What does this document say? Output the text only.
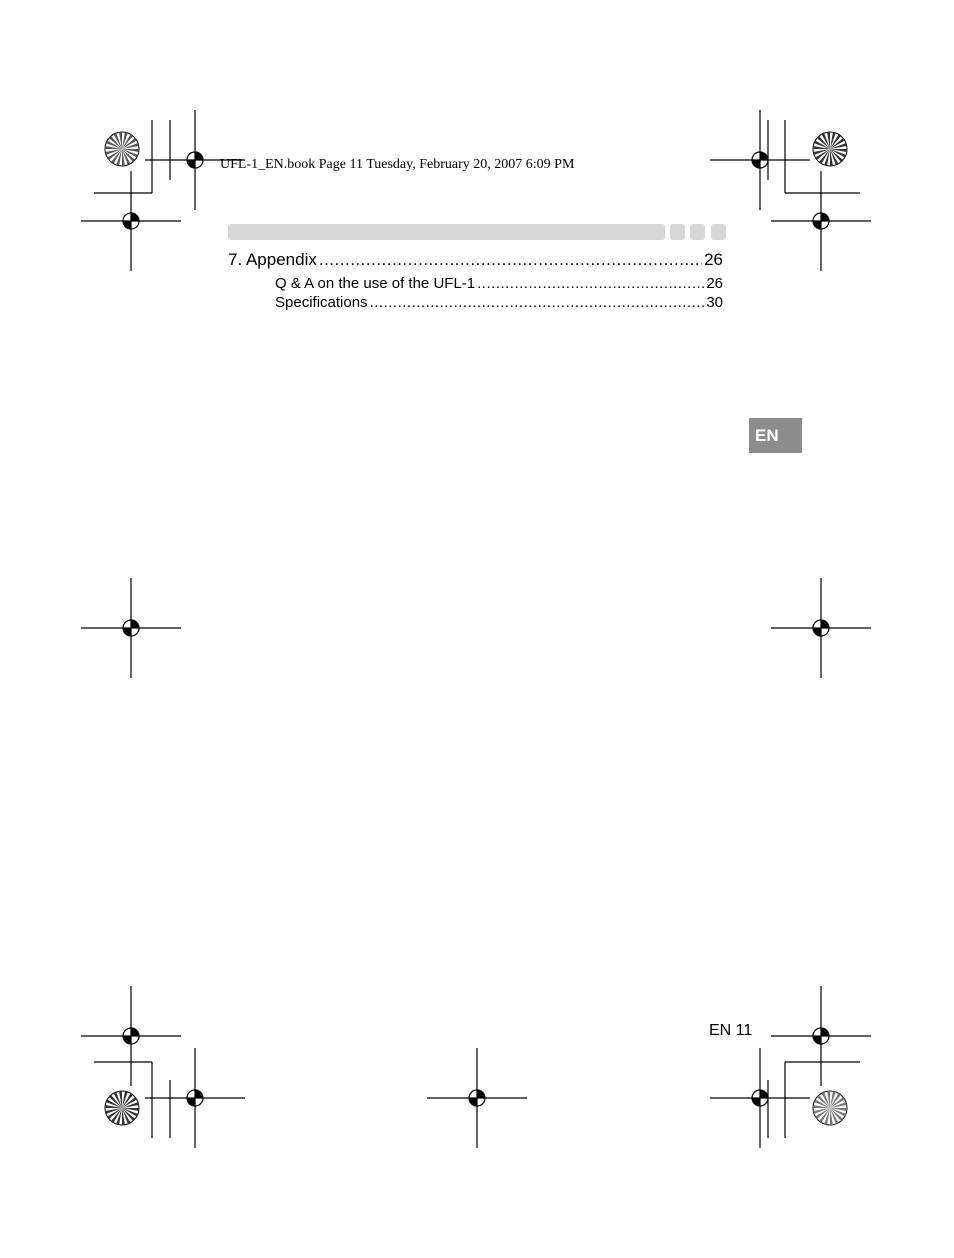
UFL-1_EN.book Page 11 Tuesday, February 20, 2007 6:09 PM
7. Appendix .....	26
Q & A on the use of the UFL-1 .....	26
Specifications .....	30
EN
EN 11
